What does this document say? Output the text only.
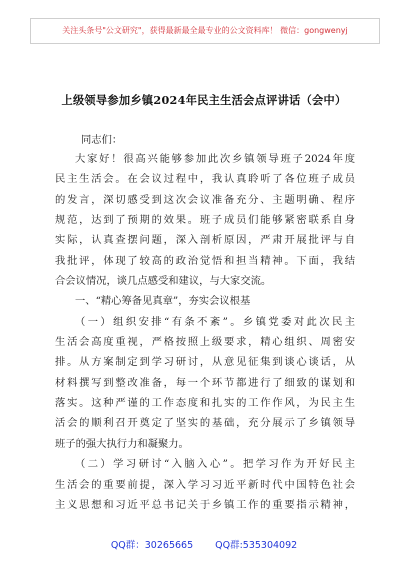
关注头条号"公文研究"，获得最新最全最专业的公文资料库！ 微信：gongwenyj
上级领导参加乡镇2024年民主生活会点评讲话（会中）
同志们：
大家好！很高兴能够参加此次乡镇领导班子2024年度
民主生活会。在会议过程中，我认真聆听了各位班子成员
的发言，深切感受到这次会议准备充分、主题明确、程序
规范，达到了预期的效果。班子成员们能够紧密联系自身
实际，认真查摆问题，深入剖析原因，严肃开展批评与自
我批评，体现了较高的政治觉悟和担当精神。下面，我结
合会议情况，谈几点感受和建议，与大家交流。
一、“精心筹备见真章”，夯实会议根基
（一）组织安排“有条不紊”。乡镇党委对此次民主
生活会高度重视，严格按照上级要求，精心组织、周密安
排。从方案制定到学习研讨，从意见征集到谈心谈话，从
材料撰写到整改准备，每一个环节都进行了细致的谋划和
落实。这种严谨的工作态度和扎实的工作作风，为民主生
活会的顺利召开奠定了坚实的基础，充分展示了乡镇领导
班子的强大执行力和凝聚力。
（二）学习研讨“入脑入心”。把学习作为开好民主
生活会的重要前提，深入学习习近平新时代中国特色社会
主义思想和习近平总书记关于乡镇工作的重要指示精神，
QQ群：30265665 QQ群:535304092
